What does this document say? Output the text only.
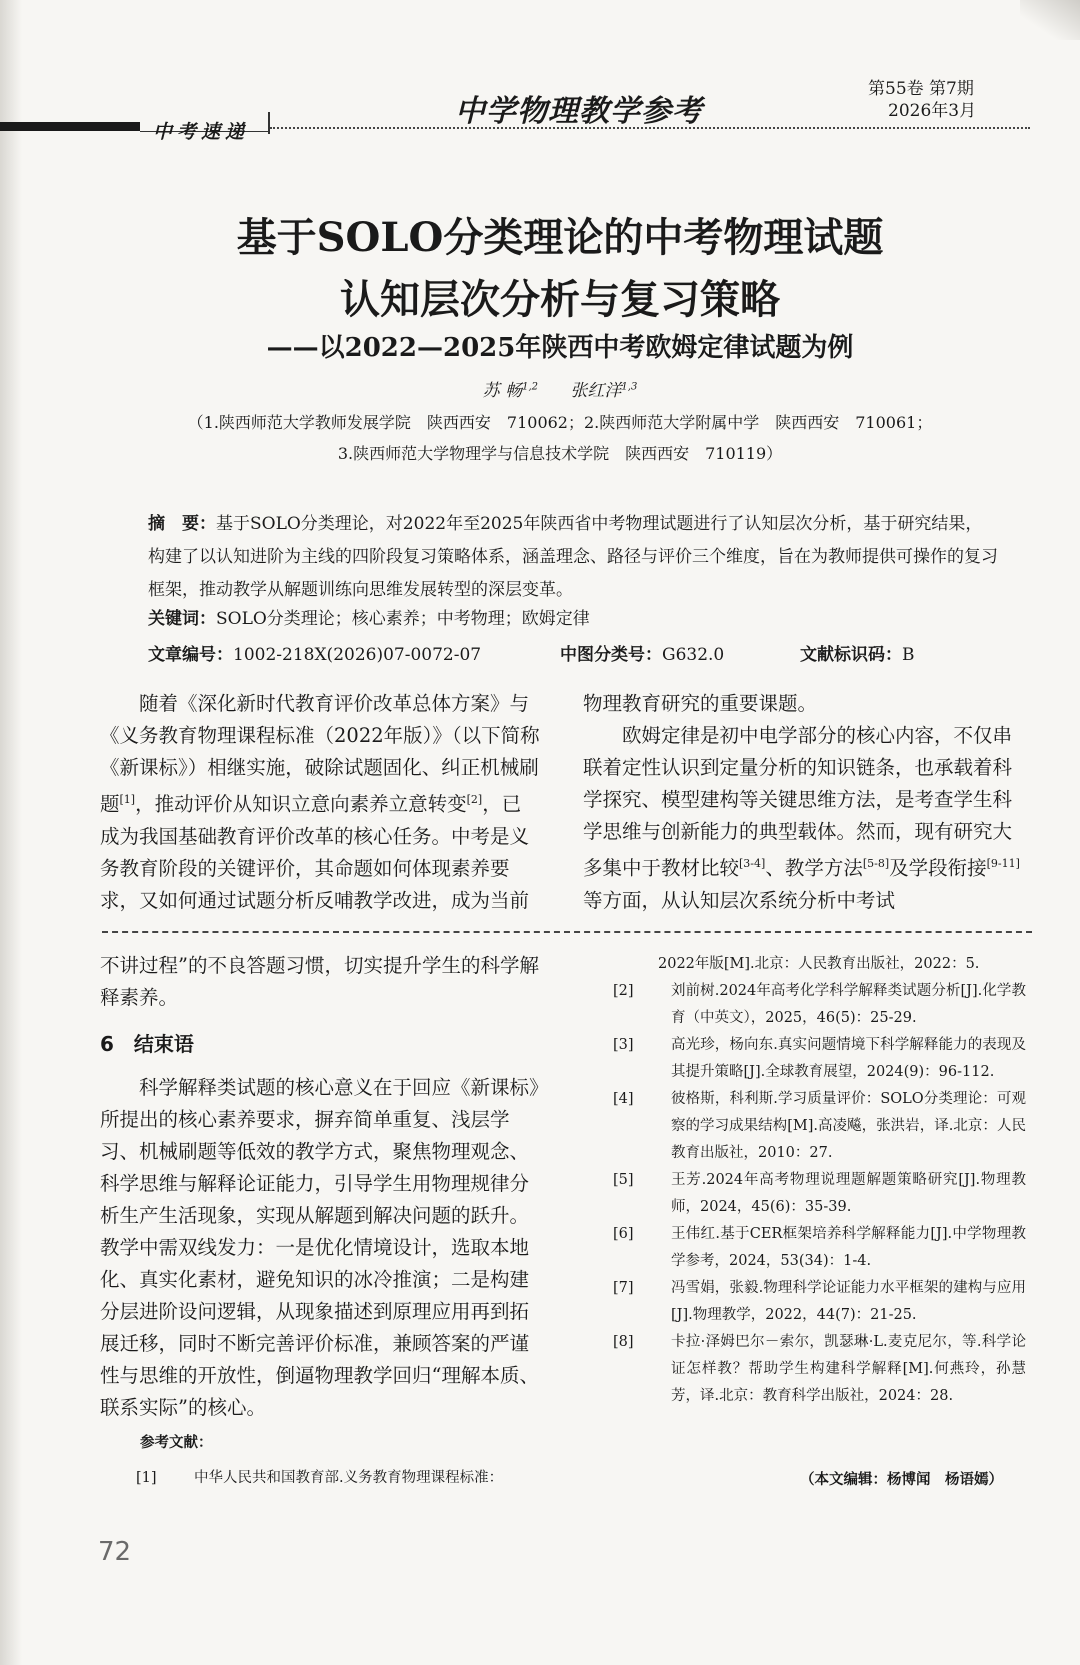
中学物理教学参考
第55卷 第7期
2026年3月
中考速递
基于SOLO分类理论的中考物理试题
认知层次分析与复习策略
——以2022—2025年陕西中考欧姆定律试题为例
苏 畅$^{1,2}$ 张红洋$^{1,3}$
（1.陕西师范大学教师发展学院　陕西西安　710062；2.陕西师范大学附属中学　陕西西安　710061；
3.陕西师范大学物理学与信息技术学院　陕西西安　710119）
摘　要：基于SOLO分类理论，对2022年至2025年陕西省中考物理试题进行了认知层次分析，基于研究结果，构建了以认知进阶为主线的四阶段复习策略体系，涵盖理念、路径与评价三个维度，旨在为教师提供可操作的复习框架，推动教学从解题训练向思维发展转型的深层变革。
关键词：SOLO分类理论；核心素养；中考物理；欧姆定律
文章编号：1002-218X(2026)07-0072-07	中图分类号：G632.0	文献标识码：B

随着《深化新时代教育评价改革总体方案》与《义务教育物理课程标准（2022年版）》（以下简称《新课标》）相继实施，破除试题固化、纠正机械刷题[1]，推动评价从知识立意向素养立意转变[2]，已成为我国基础教育评价改革的核心任务。中考是义务教育阶段的关键评价，其命题如何体现素养要求，又如何通过试题分析反哺教学改进，成为当前

物理教育研究的重要课题。

欧姆定律是初中电学部分的核心内容，不仅串联着定性认识到定量分析的知识链条，也承载着科学探究、模型建构等关键思维方法，是考查学生科学思维与创新能力的典型载体。然而，现有研究大多集中于教材比较[3-4]、教学方法[5-8]及学段衔接[9-11]等方面，从认知层次系统分析中考试

不讲过程”的不良答题习惯，切实提升学生的科学解释素养。

6　结束语

科学解释类试题的核心意义在于回应《新课标》所提出的核心素养要求，摒弃简单重复、浅层学习、机械刷题等低效的教学方式，聚焦物理观念、科学思维与解释论证能力，引导学生用物理规律分析生产生活现象，实现从解题到解决问题的跃升。教学中需双线发力：一是优化情境设计，选取本地化、真实化素材，避免知识的冰冷推演；二是构建分层进阶设问逻辑，从现象描述到原理应用再到拓展迁移，同时不断完善评价标准，兼顾答案的严谨性与思维的开放性，倒逼物理教学回归“理解本质、联系实际”的核心。

参考文献：

[1]	中华人民共和国教育部.义务教育物理课程标准：

2022年版[M].北京：人民教育出版社，2022：5.

[2]	刘前树.2024年高考化学科学解释类试题分析[J].化学教育（中英文），2025，46(5)：25-29.
[3]	高光珍，杨向东.真实问题情境下科学解释能力的表现及其提升策略[J].全球教育展望，2024(9)：96-112.
[4]	彼格斯，科利斯.学习质量评价：SOLO分类理论：可观察的学习成果结构[M].高凌飚，张洪岩，译.北京：人民教育出版社，2010：27.
[5]	王芳.2024年高考物理说理题解题策略研究[J].物理教师，2024，45(6)：35-39.
[6]	王伟红.基于CER框架培养科学解释能力[J].中学物理教学参考，2024，53(34)：1-4.
[7]	冯雪娟，张毅.物理科学论证能力水平框架的建构与应用[J].物理教学，2022，44(7)：21-25.
[8]	卡拉·泽姆巴尔－索尔，凯瑟琳·L.麦克尼尔，等.科学论证怎样教？帮助学生构建科学解释[M].何燕玲，孙慧芳，译.北京：教育科学出版社，2024：28.
（本文编辑：杨博闻　杨语嫣）
72
